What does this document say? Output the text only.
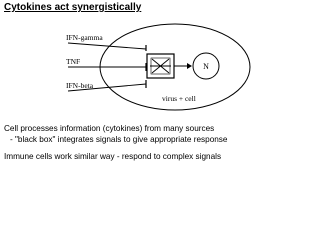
Cytokines act synergistically
IFN-gamma
TNF
IFN-beta
N
virus + cell
Cell processes information (cytokines) from many sources
- "black box" integrates signals to give appropriate response
Immune cells work similar way - respond to complex signals
